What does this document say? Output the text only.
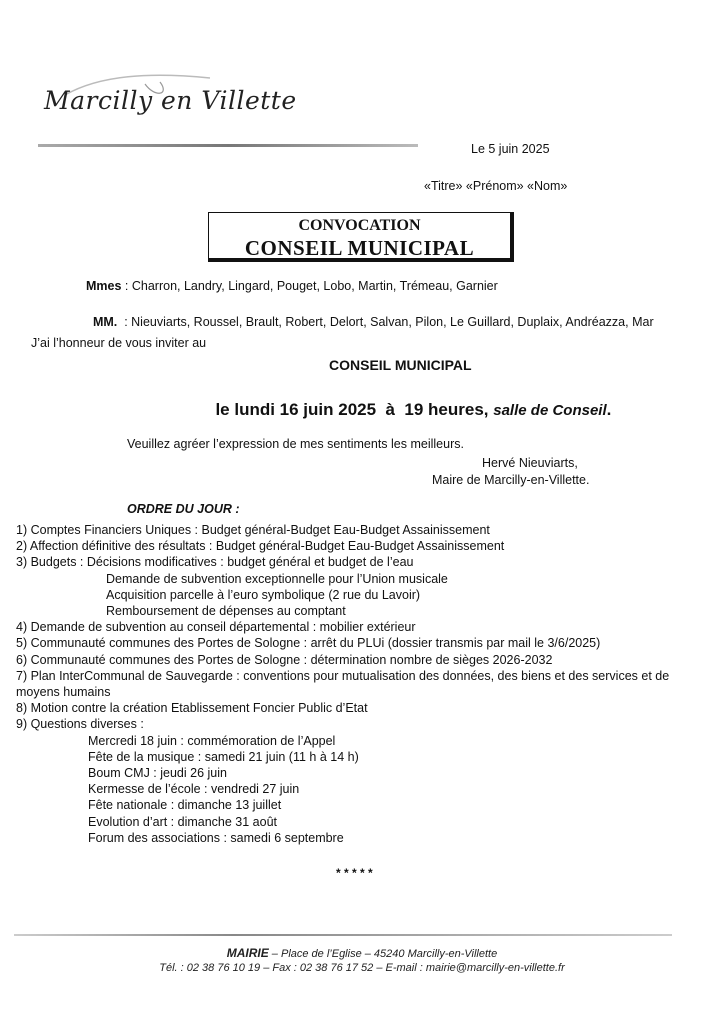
Marcilly en Villette
Le 5 juin 2025
«Titre» «Prénom» «Nom»
CONVOCATION
CONSEIL MUNICIPAL
Mmes : Charron, Landry, Lingard, Pouget, Lobo, Martin, Trémeau, Garnier

MM.  : Nieuviarts, Roussel, Brault, Robert, Delort, Salvan, Pilon, Le Guillard, Duplaix, Andréazza, Mar

J’ai l’honneur de vous inviter au
CONSEIL MUNICIPAL

le lundi 16 juin 2025  à  19 heures, salle de Conseil.

Veuillez agréer l’expression de mes sentiments les meilleurs.
Hervé Nieuviarts,
Maire de Marcilly-en-Villette.
ORDRE DU JOUR :
1) Comptes Financiers Uniques : Budget général-Budget Eau-Budget Assainissement
2) Affection définitive des résultats : Budget général-Budget Eau-Budget Assainissement
3) Budgets : Décisions modificatives : budget général et budget de l’eau
Demande de subvention exceptionnelle pour l’Union musicale
Acquisition parcelle à l’euro symbolique (2 rue du Lavoir)
Remboursement de dépenses au comptant
4) Demande de subvention au conseil départemental : mobilier extérieur
5) Communauté communes des Portes de Sologne : arrêt du PLUi (dossier transmis par mail le 3/6/2025)
6) Communauté communes des Portes de Sologne : détermination nombre de sièges 2026-2032
7) Plan InterCommunal de Sauvegarde : conventions pour mutualisation des données, des biens et des services et de
moyens humains
8) Motion contre la création Etablissement Foncier Public d’Etat
9) Questions diverses :
Mercredi 18 juin : commémoration de l’Appel
Fête de la musique : samedi 21 juin (11 h à 14 h)
Boum CMJ : jeudi 26 juin
Kermesse de l’école : vendredi 27 juin
Fête nationale : dimanche 13 juillet
Evolution d’art : dimanche 31 août
Forum des associations : samedi 6 septembre
* * * * *
MAIRIE – Place de l’Eglise – 45240 Marcilly-en-Villette
Tél. : 02 38 76 10 19 – Fax : 02 38 76 17 52 – E-mail : mairie@marcilly-en-villette.fr
